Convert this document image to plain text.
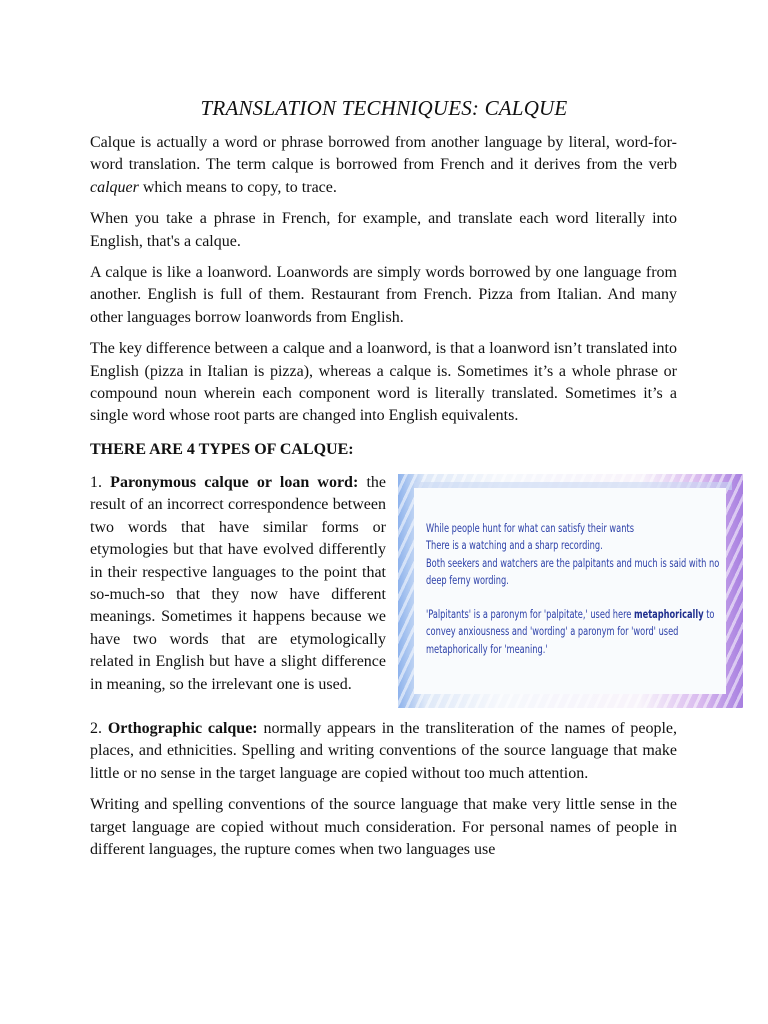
TRANSLATION TECHNIQUES: CALQUE

Calque is actually a word or phrase borrowed from another language by literal, word-for-word translation. The term calque is borrowed from French and it derives from the verb calquer which means to copy, to trace.

When you take a phrase in French, for example, and translate each word literally into English, that's a calque.

A calque is like a loanword. Loanwords are simply words borrowed by one language from another. English is full of them. Restaurant from French. Pizza from Italian. And many other languages borrow loanwords from English.

The key difference between a calque and a loanword, is that a loanword isn’t translated into English (pizza in Italian is pizza), whereas a calque is. Sometimes it’s a whole phrase or compound noun wherein each component word is literally translated. Sometimes it’s a single word whose root parts are changed into English equivalents.

THERE ARE 4 TYPES OF CALQUE:

1. Paronymous calque or loan word: the result of an incorrect correspondence between two words that have similar forms or etymologies but that have evolved differently in their respective languages to the point that so-much-so that they now have different meanings. Sometimes it happens because we have two words that are etymologically related in English but have a slight difference in meaning, so the irrelevant one is used.

While people hunt for what can satisfy their wants
There is a watching and a sharp recording.
Both seekers and watchers are the palpitants and much is said with no
deep ferny wording.
'Palpitants' is a paronym for 'palpitate,' used here metaphorically to
convey anxiousness and 'wording' a paronym for 'word' used
metaphorically for 'meaning.'

2. Orthographic calque: normally appears in the transliteration of the names of people, places, and ethnicities. Spelling and writing conventions of the source language that make little or no sense in the target language are copied without too much attention.

Writing and spelling conventions of the source language that make very little sense in the target language are copied without much consideration. For personal names of people in different languages, the rupture comes when two languages use
